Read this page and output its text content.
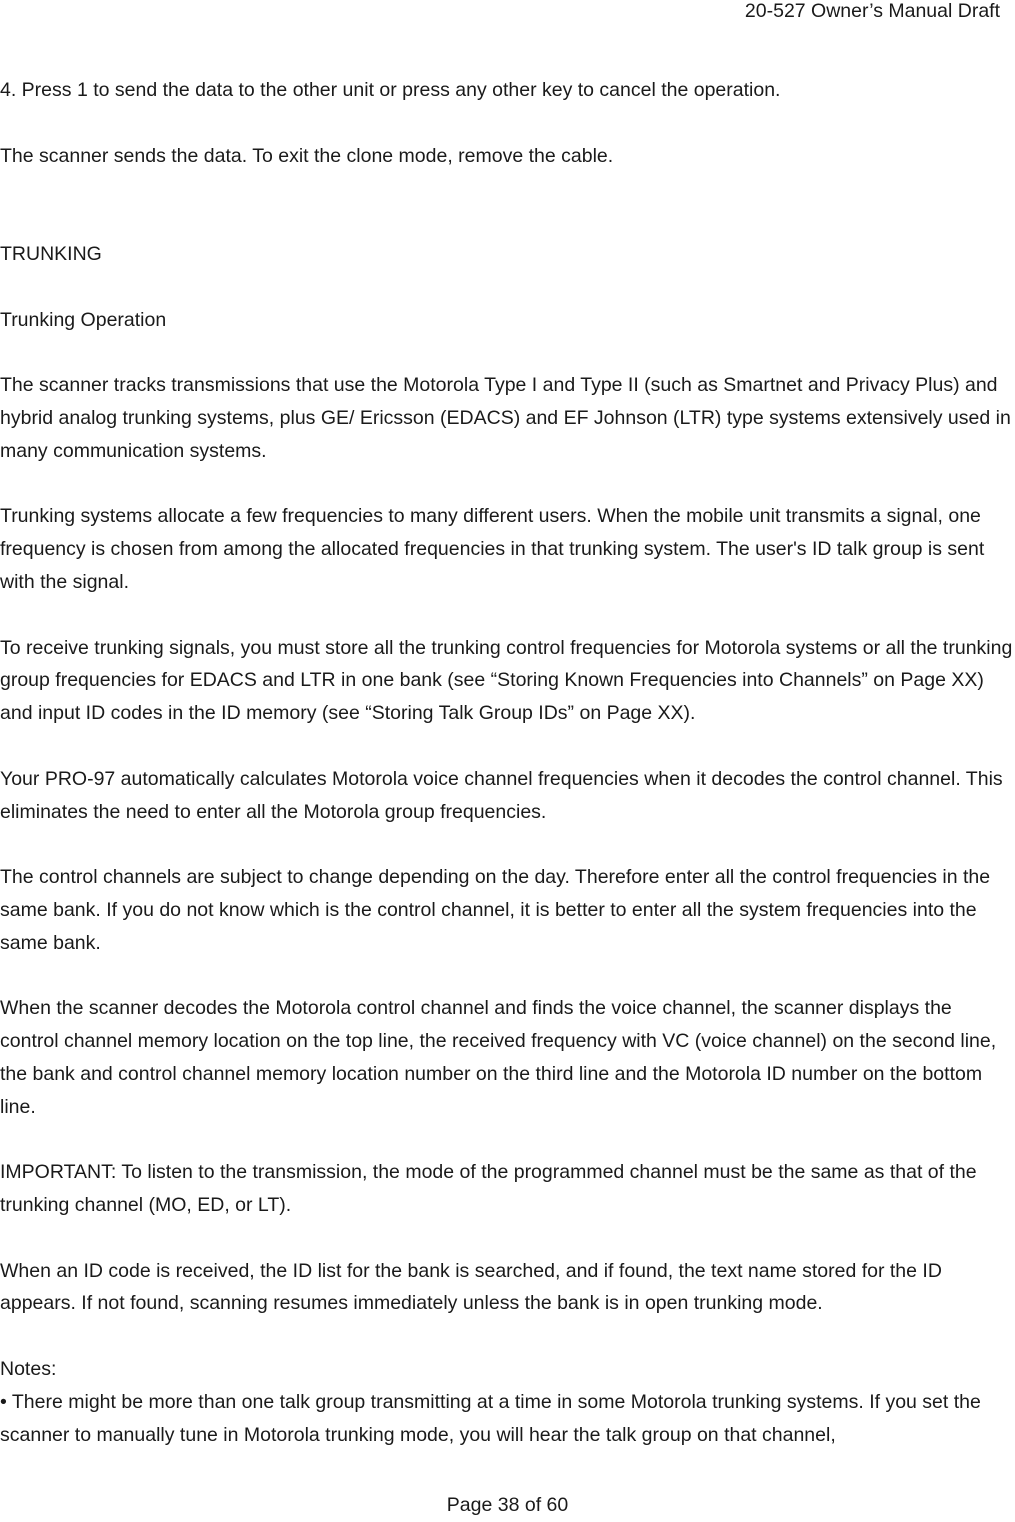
20-527 Owner’s Manual Draft

4. Press 1 to send the data to the other unit or press any other key to cancel the operation.

The scanner sends the data. To exit the clone mode, remove the cable.

TRUNKING

Trunking Operation

The scanner tracks transmissions that use the Motorola Type I and Type II (such as Smartnet and Privacy Plus) and hybrid analog trunking systems, plus GE/ Ericsson (EDACS) and EF Johnson (LTR) type systems extensively used in many communication systems.

Trunking systems allocate a few frequencies to many different users. When the mobile unit transmits a signal, one frequency is chosen from among the allocated frequencies in that trunking system. The user's ID talk group is sent with the signal.

To receive trunking signals, you must store all the trunking control frequencies for Motorola systems or all the trunking group frequencies for EDACS and LTR in one bank (see “Storing Known Frequencies into Channels” on Page XX) and input ID codes in the ID memory (see “Storing Talk Group IDs” on Page XX).

Your PRO-97 automatically calculates Motorola voice channel frequencies when it decodes the control channel. This eliminates the need to enter all the Motorola group frequencies.

The control channels are subject to change depending on the day. Therefore enter all the control frequencies in the same bank. If you do not know which is the control channel, it is better to enter all the system frequencies into the same bank.

When the scanner decodes the Motorola control channel and finds the voice channel, the scanner displays the control channel memory location on the top line, the received frequency with VC (voice channel) on the second line, the bank and control channel memory location number on the third line and the Motorola ID number on the bottom line.

IMPORTANT: To listen to the transmission, the mode of the programmed channel must be the same as that of the trunking channel (MO, ED, or LT).

When an ID code is received, the ID list for the bank is searched, and if found, the text name stored for the ID appears. If not found, scanning resumes immediately unless the bank is in open trunking mode.

Notes:

• There might be more than one talk group transmitting at a time in some Motorola trunking systems. If you set the scanner to manually tune in Motorola trunking mode, you will hear the talk group on that channel,

Page 38 of 60
